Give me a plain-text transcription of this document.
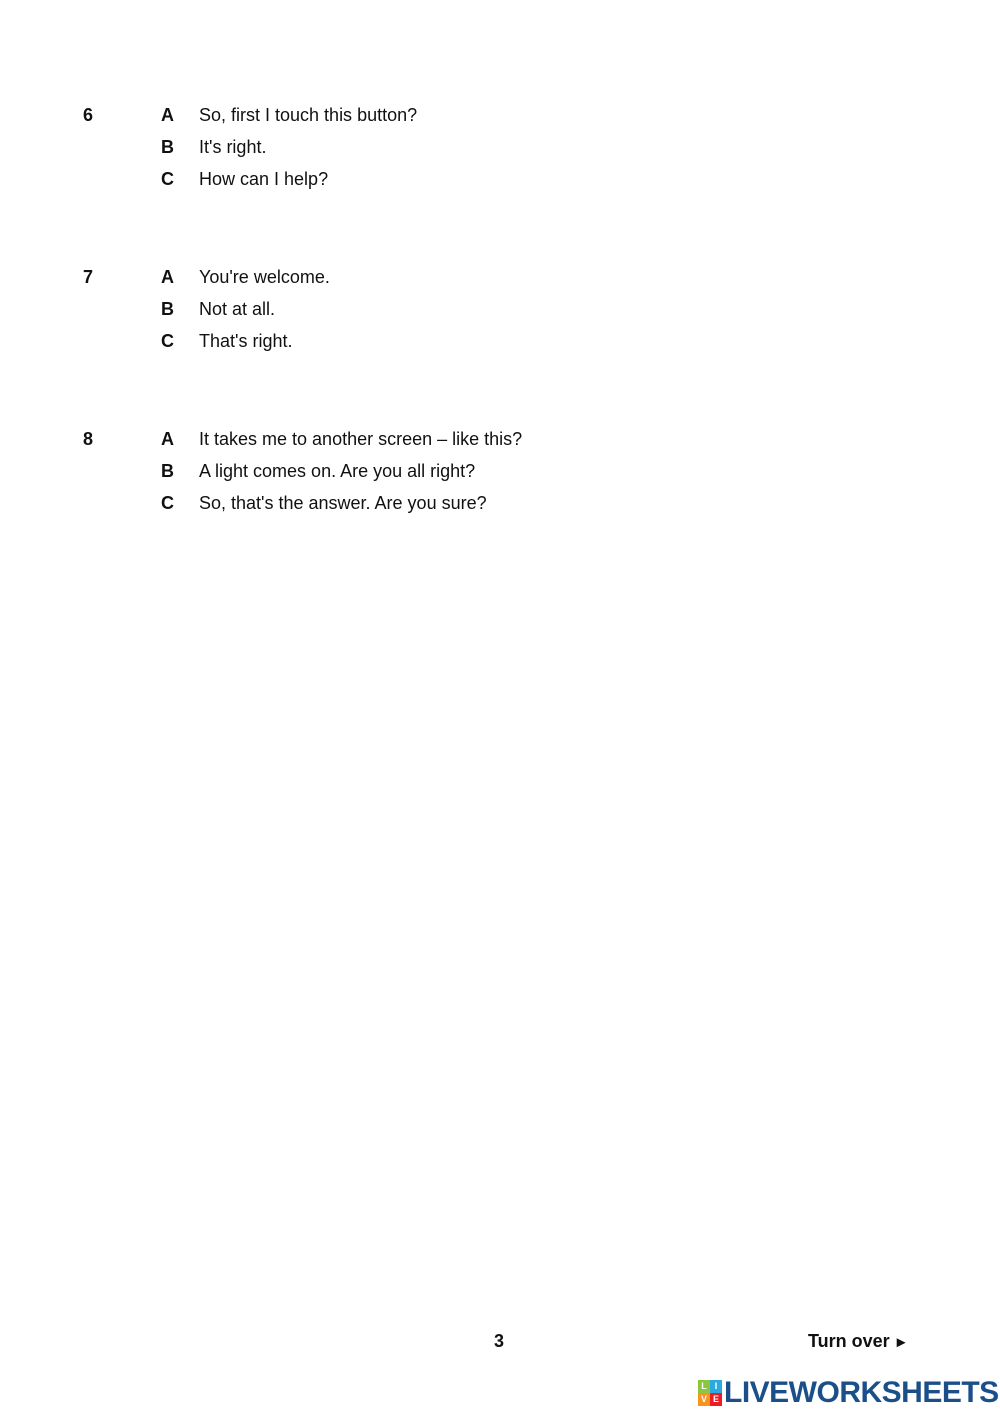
6	A So, first I touch this button?
B It's right.
C How can I help?
7	A You're welcome.
B Not at all.
C That's right.
8	A It takes me to another screen – like this?
B A light comes on. Are you all right?
C So, that's the answer. Are you sure?
3	Turn over ►
L I
V E LIVEWORKSHEETS
